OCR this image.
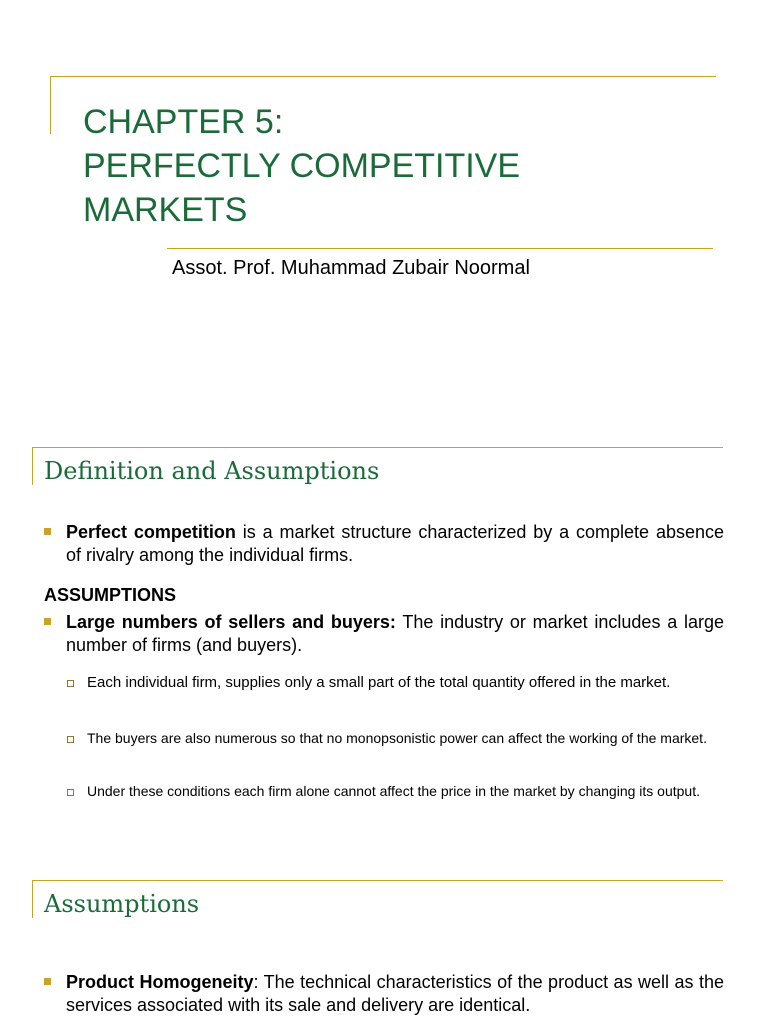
CHAPTER 5:
PERFECTLY COMPETITIVE
MARKETS
Assot. Prof. Muhammad Zubair Noormal
Definition and Assumptions
Perfect competition is a market structure characterized by a complete absence of rivalry among the individual firms.
ASSUMPTIONS
Large numbers of sellers and buyers: The industry or market includes a large number of firms (and buyers).
Each individual firm, supplies only a small part of the total quantity offered in the market.
The buyers are also numerous so that no monopsonistic power can affect the working of the market.
Under these conditions each firm alone cannot affect the price in the market by changing its output.
Assumptions
Product Homogeneity: The technical characteristics of the product as well as the services associated with its sale and delivery are identical.
